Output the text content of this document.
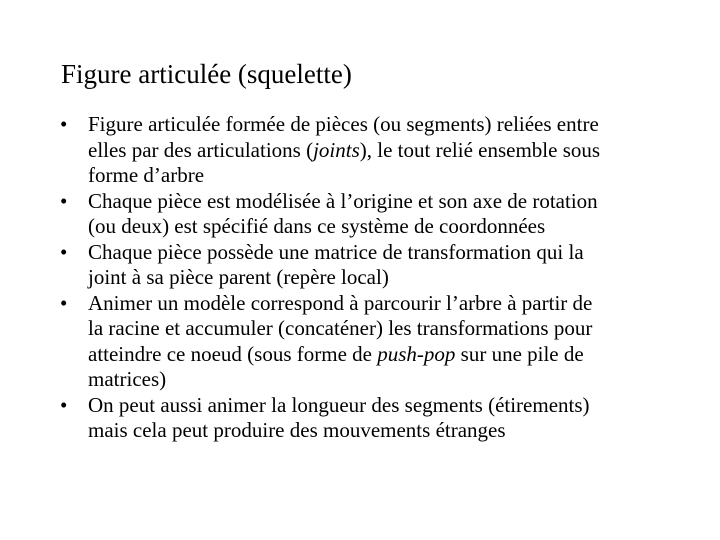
Figure articulée (squelette)
• Figure articulée formée de pièces (ou segments) reliées entre
elles par des articulations (joints), le tout relié ensemble sous
forme d’arbre
• Chaque pièce est modélisée à l’origine et son axe de rotation
(ou deux) est spécifié dans ce système de coordonnées
• Chaque pièce possède une matrice de transformation qui la
joint à sa pièce parent (repère local)
• Animer un modèle correspond à parcourir l’arbre à partir de
la racine et accumuler (concaténer) les transformations pour
atteindre ce noeud (sous forme de push-pop sur une pile de
matrices)
• On peut aussi animer la longueur des segments (étirements)
mais cela peut produire des mouvements étranges
